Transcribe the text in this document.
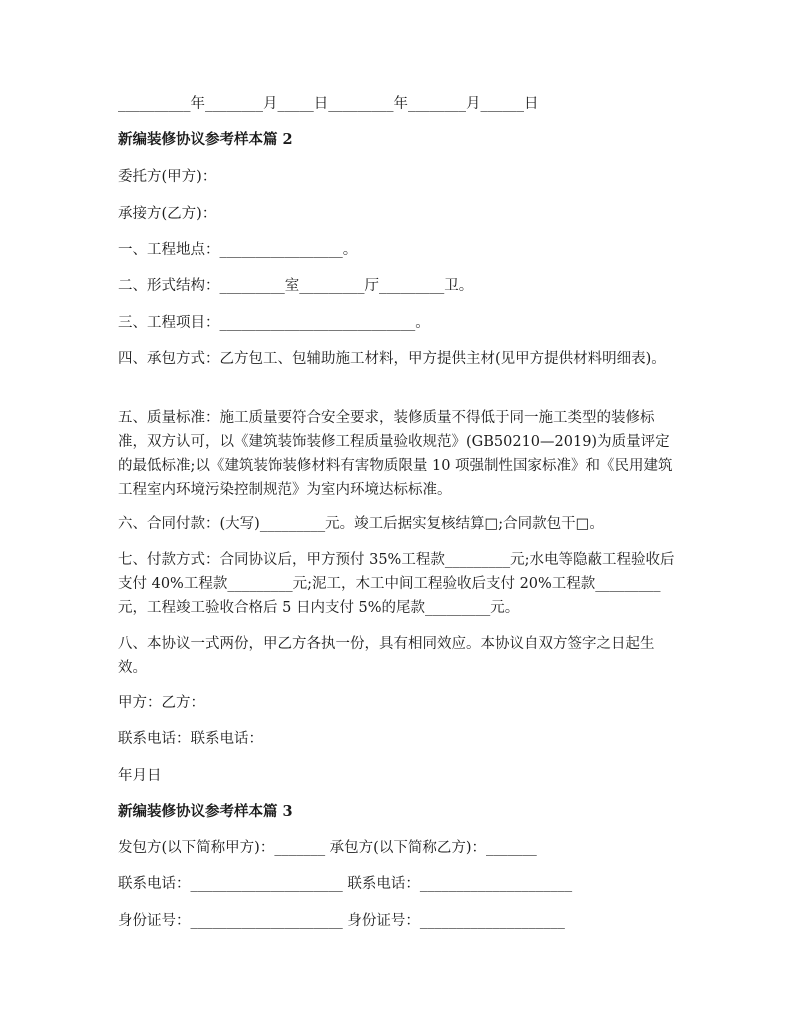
__________年________月_____日_________年________月______日

新编装修协议参考样本篇 2

委托方(甲方)：

承接方(乙方)：

一、工程地点：_________________。

二、形式结构：_________室_________厅_________卫。

三、工程项目：___________________________。

四、承包方式：乙方包工、包辅助施工材料，甲方提供主材(见甲方提供材料明细表)。

五、质量标准：施工质量要符合安全要求，装修质量不得低于同一施工类型的装修标准，双方认可，以《建筑装饰装修工程质量验收规范》(GB50210—2019)为质量评定的最低标准;以《建筑装饰装修材料有害物质限量 10 项强制性国家标准》和《民用建筑工程室内环境污染控制规范》为室内环境达标标准。

六、合同付款：(大写)_________元。竣工后据实复核结算□;合同款包干□。

七、付款方式：合同协议后，甲方预付 35%工程款_________元;水电等隐蔽工程验收后支付 40%工程款_________元;泥工，木工中间工程验收后支付 20%工程款_________元，工程竣工验收合格后 5 日内支付 5%的尾款_________元。

八、本协议一式两份，甲乙方各执一份，具有相同效应。本协议自双方签字之日起生效。

甲方：乙方：

联系电话：联系电话：

年月日

新编装修协议参考样本篇 3

发包方(以下简称甲方)：_______ 承包方(以下简称乙方)：_______

联系电话：_____________________ 联系电话：_____________________

身份证号：_____________________ 身份证号：____________________
